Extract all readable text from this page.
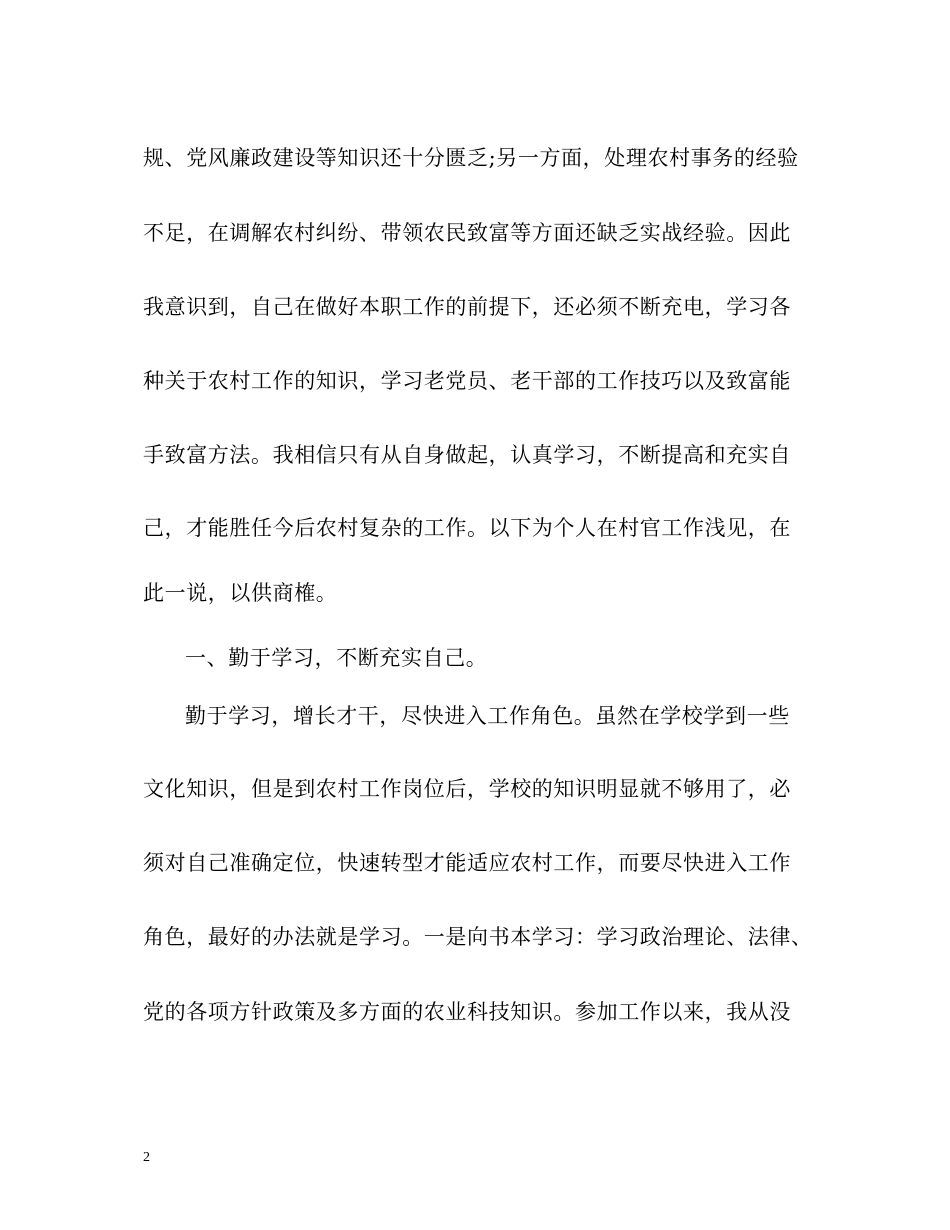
规、党风廉政建设等知识还十分匮乏;另一方面，处理农村事务的经验
不足，在调解农村纠纷、带领农民致富等方面还缺乏实战经验。因此
我意识到，自己在做好本职工作的前提下，还必须不断充电，学习各
种关于农村工作的知识，学习老党员、老干部的工作技巧以及致富能
手致富方法。我相信只有从自身做起，认真学习，不断提高和充实自
己，才能胜任今后农村复杂的工作。以下为个人在村官工作浅见，在
此一说，以供商榷。
一、勤于学习，不断充实自己。
勤于学习，增长才干，尽快进入工作角色。虽然在学校学到一些
文化知识，但是到农村工作岗位后，学校的知识明显就不够用了，必
须对自己准确定位，快速转型才能适应农村工作，而要尽快进入工作
角色，最好的办法就是学习。一是向书本学习：学习政治理论、法律、
党的各项方针政策及多方面的农业科技知识。参加工作以来，我从没
2
